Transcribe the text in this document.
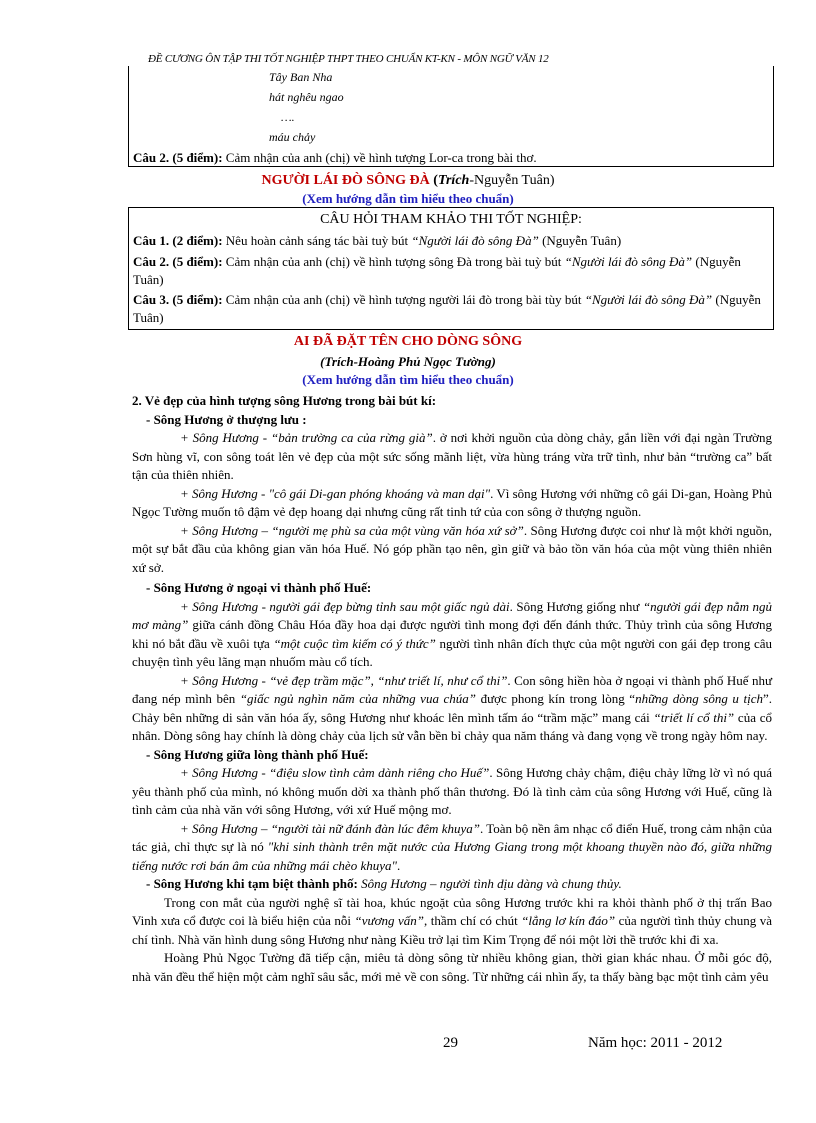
ĐỀ CƯƠNG ÔN TẬP THI TỐT NGHIỆP THPT THEO CHUẨN KT-KN - MÔN NGỮ VĂN 12
Tây Ban Nha
hát nghêu ngao
….
máu chảy
Câu 2. (5 điểm): Cảm nhận của anh (chị) về hình tượng Lor-ca trong bài thơ.
NGƯỜI LÁI ĐÒ SÔNG ĐÀ (Trích-Nguyễn Tuân)
(Xem hướng dẫn tìm hiểu theo chuẩn)
CÂU HỎI THAM KHẢO THI TỐT NGHIỆP:
Câu 1. (2 điểm): Nêu hoàn cảnh sáng tác bài tuỳ bút “Người lái đò sông Đà” (Nguyễn Tuân)
Câu 2. (5 điểm): Cảm nhận của anh (chị) về hình tượng sông Đà trong bài tuỳ bút “Người lái đò sông Đà” (Nguyễn Tuân)
Câu 3. (5 điểm): Cảm nhận của anh (chị) về hình tượng người lái đò trong bài tùy bút “Người lái đò sông Đà” (Nguyễn Tuân)
AI ĐÃ ĐẶT TÊN CHO DÒNG SÔNG
(Trích-Hoàng Phủ Ngọc Tường)
(Xem hướng dẫn tìm hiểu theo chuẩn)

2. Vẻ đẹp của hình tượng sông Hương trong bài bút kí:

- Sông Hương ở thượng lưu :

+ Sông Hương - “bản trường ca của rừng già”. ở nơi khởi nguồn của dòng chảy, gắn liền với đại ngàn Trường Sơn hùng vĩ, con sông toát lên vẻ đẹp của một sức sống mãnh liệt, vừa hùng tráng vừa trữ tình, như bản “trường ca” bất tận của thiên nhiên.

+ Sông Hương - "cô gái Di-gan phóng khoáng và man dại". Vì sông Hương với những cô gái Di-gan, Hoàng Phủ Ngọc Tường muốn tô đậm vẻ đẹp hoang dại nhưng cũng rất tinh tứ của con sông ở thượng nguồn.

+ Sông Hương – “người mẹ phù sa của một vùng văn hóa xứ sở”. Sông Hương được coi như là một khởi nguồn, một sự bắt đầu của không gian văn hóa Huế. Nó góp phần tạo nên, gìn giữ và bảo tồn văn hóa của một vùng thiên nhiên xứ sở.

- Sông Hương ở ngoại vi thành phố Huế:

+ Sông Hương - người gái đẹp bừng tỉnh sau một giấc ngủ dài. Sông Hương giống như “người gái đẹp nằm ngủ mơ màng” giữa cánh đồng Châu Hóa đầy hoa dại được người tình mong đợi đến đánh thức. Thủy trình của sông Hương khi nó bắt đầu về xuôi tựa “một cuộc tìm kiếm có ý thức” người tình nhân đích thực của một người con gái đẹp trong câu chuyện tình yêu lãng mạn nhuốm màu cổ tích.

+ Sông Hương - “vẻ đẹp trầm mặc”, “như triết lí, như cổ thi”. Con sông hiền hòa ở ngoại vi thành phố Huế như đang nép mình bên “giấc ngủ nghìn năm của những vua chúa” được phong kín trong lòng “những dòng sông u tịch”. Chảy bên những di sản văn hóa ấy, sông Hương như khoác lên mình tấm áo “trầm mặc” mang cái “triết lí cổ thi” của cổ nhân. Dòng sông hay chính là dòng chảy của lịch sử vẫn bền bỉ chảy qua năm tháng và đang vọng về trong ngày hôm nay.

- Sông Hương giữa lòng thành phố Huế:

+ Sông Hương - “điệu slow tình cảm dành riêng cho Huế”. Sông Hương chảy chậm, điệu chảy lững lờ vì nó quá yêu thành phố của mình, nó không muốn dời xa thành phố thân thương. Đó là tình cảm của sông Hương với Huế, cũng là tình cảm của nhà văn với sông Hương, với xứ Huế mộng mơ.

+ Sông Hương – “người tài nữ đánh đàn lúc đêm khuya”. Toàn bộ nền âm nhạc cổ điển Huế, trong cảm nhận của tác giả, chỉ thực sự là nó "khi sinh thành trên mặt nước của Hương Giang trong một khoang thuyền nào đó, giữa những tiếng nước rơi bán âm của những mái chèo khuya".

- Sông Hương khi tạm biệt thành phố: Sông Hương – người tình dịu dàng và chung thủy.

Trong con mắt của người nghệ sĩ tài hoa, khúc ngoặt của sông Hương trước khi ra khỏi thành phố ở thị trấn Bao Vinh xưa cổ được coi là biểu hiện của nỗi “vương vấn”, thầm chí có chút “lẳng lơ kín đáo” của người tình thủy chung và chí tình. Nhà văn hình dung sông Hương như nàng Kiều trở lại tìm Kim Trọng để nói một lời thề trước khi đi xa.

Hoàng Phủ Ngọc Tường đã tiếp cận, miêu tả dòng sông từ nhiều không gian, thời gian khác nhau. Ở mỗi góc độ, nhà văn đều thể hiện một cảm nghĩ sâu sắc, mới mẻ về con sông. Từ những cái nhìn ấy, ta thấy bàng bạc một tình cảm yêu

29	Năm học: 2011 - 2012
